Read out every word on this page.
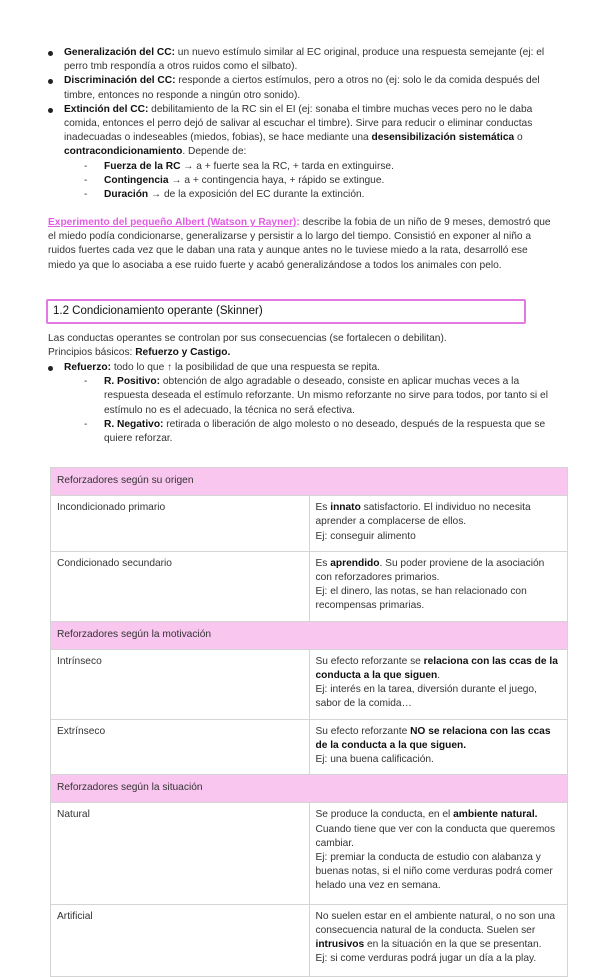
Generalización del CC: un nuevo estímulo similar al EC original, produce una respuesta semejante (ej: el perro tmb respondía a otros ruidos como el silbato).
Discriminación del CC: responde a ciertos estímulos, pero a otros no (ej: solo le da comida después del timbre, entonces no responde a ningún otro sonido).
Extinción del CC: debilitamiento de la RC sin el EI (ej: sonaba el timbre muchas veces pero no le daba comida, entonces el perro dejó de salivar al escuchar el timbre). Sirve para reducir o eliminar conductas inadecuadas o indeseables (miedos, fobias), se hace mediante una desensibilización sistemática o contracondicionamiento. Depende de:
- Fuerza de la RC → a + fuerte sea la RC, + tarda en extinguirse.
- Contingencia → a + contingencia haya, + rápido se extingue.
- Duración → de la exposición del EC durante la extinción.
Experimento del pequeño Albert (Watson y Rayner): describe la fobia de un niño de 9 meses, demostró que el miedo podía condicionarse, generalizarse y persistir a lo largo del tiempo. Consistió en exponer al niño a ruidos fuertes cada vez que le daban una rata y aunque antes no le tuviese miedo a la rata, desarrolló ese miedo ya que lo asociaba a ese ruido fuerte y acabó generalizándose a todos los animales con pelo.
1.2 Condicionamiento operante (Skinner)
Las conductas operantes se controlan por sus consecuencias (se fortalecen o debilitan).
Principios básicos: Refuerzo y Castigo.
Refuerzo: todo lo que ↑ la posibilidad de que una respuesta se repita.
- R. Positivo: obtención de algo agradable o deseado, consiste en aplicar muchas veces a la respuesta deseada el estímulo reforzante. Un mismo reforzante no sirve para todos, por tanto si el estímulo no es el adecuado, la técnica no será efectiva.
- R. Negativo: retirada o liberación de algo molesto o no deseado, después de la respuesta que se quiere reforzar.
Reforzadores según su origen	
Incondicionado primario	Es innato satisfactorio. El individuo no necesita aprender a complacerse de ellos.
Ej: conseguir alimento
Condicionado secundario	Es aprendido. Su poder proviene de la asociación con reforzadores primarios.
Ej: el dinero, las notas, se han relacionado con recompensas primarias.
Reforzadores según la motivación	
Intrínseco	Su efecto reforzante se relaciona con las ccas de la conducta a la que siguen.
Ej: interés en la tarea, diversión durante el juego, sabor de la comida…
Extrínseco	Su efecto reforzante NO se relaciona con las ccas de la conducta a la que siguen.
Ej: una buena calificación.
Reforzadores según la situación	
Natural	Se produce la conducta, en el ambiente natural. Cuando tiene que ver con la conducta que queremos cambiar.
Ej: premiar la conducta de estudio con alabanza y buenas notas, si el niño come verduras podrá comer helado una vez en semana.
Artificial	No suelen estar en el ambiente natural, o no son una consecuencia natural de la conducta. Suelen ser intrusivos en la situación en la que se presentan.
Ej: si come verduras podrá jugar un día a la play.
